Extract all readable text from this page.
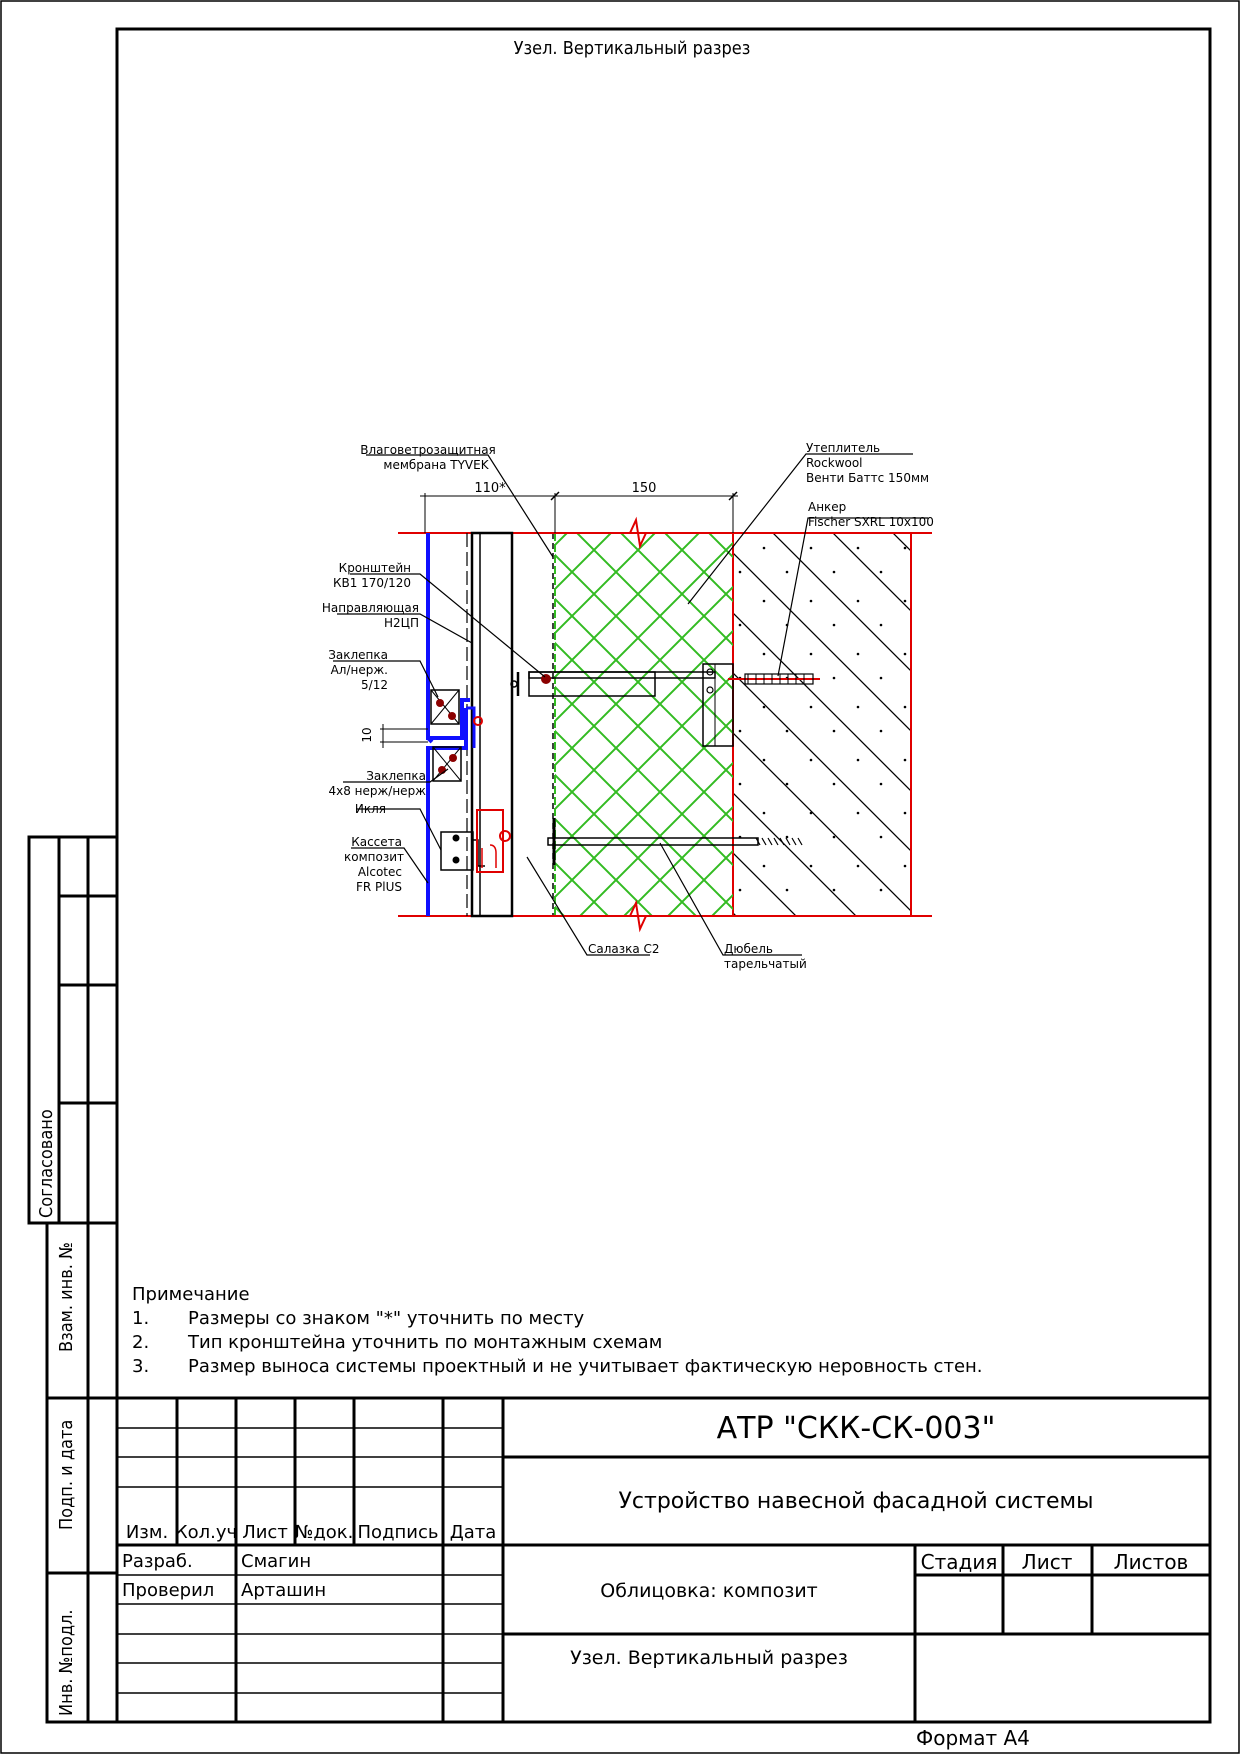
Узел. Вертикальный разрез
Согласовано
Взам. инв. №
Подп. и дата
Инв. №подл.
110*	150
10
Влаговетрозащитная
мембрана TYVEK
Утеплитель
Rockwool
Венти Баттс 150мм
Анкер
Fischer SXRL 10x100
Кронштейн
КВ1 170/120
Направляющая
Н2ЦП
Заклепка
Ал/нерж.
5/12
Заклепка
4х8 нерж/нерж
Икля
Кассета
композит
Alcotec
FR PlUS
Салазка С2	Дюбель
тарельчатый
Примечание
1. Размеры со знаком "*" уточнить по месту
2. Тип кронштейна уточнить по монтажным схемам
3. Размер выноса системы проектный и не учитывает фактическую неровность стен.
АТР "СКК-СК-003"
Устройство навесной фасадной системы
Облицовка: композит
Узел. Вертикальный разрез
Изм. Кол.уч Лист №док. Подпись Дата
Разраб.	Смагин
Проверил Арташин
Стадия Лист Листов
Формат А4
